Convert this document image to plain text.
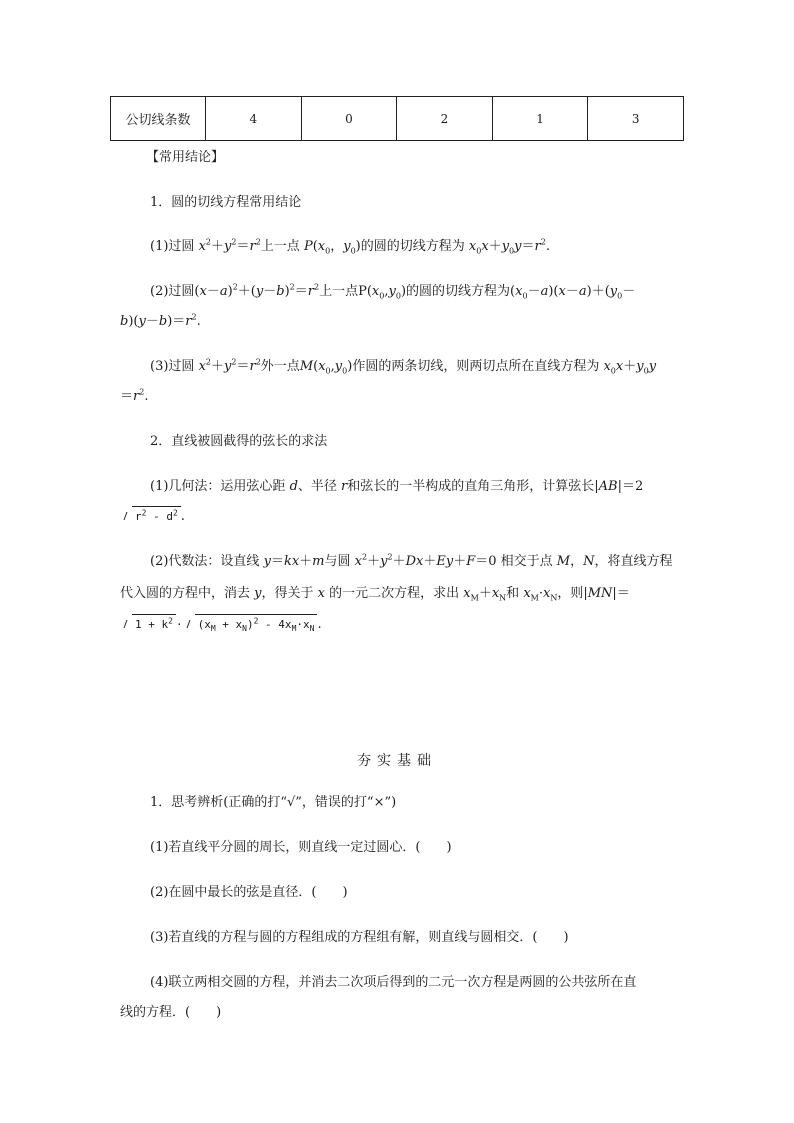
公切线条数	4	0	2	1	3
【常用结论】
1．圆的切线方程常用结论
(1)过圆 $x^2+y^2=r^2$上一点 $P(x_0$，$y_0$)的圆的切线方程为 $x_0x+y_0y=r^2$.
(2)过圆$(x-a)^2+(y-b)^2=r^2$上一点$P(x_0,y_0)$的圆的切线方程为$(x_0-a)(x-a)+(y_0-$
$b)(y-b)=r^2$.
(3)过圆 $x^2+y^2=r^2$外一点$M(x_0,y_0)$作圆的两条切线，则两切点所在直线方程为 $x_0x+y_0y$
$=r^2$.
2．直线被圆截得的弦长的求法
(1)几何法：运用弦心距 d、半径 r和弦长的一半构成的直角三角形，计算弦长|AB|＝2
$r^2 - d^2$ .
(2)代数法：设直线 y＝kx＋m与圆 $x^2+y^2+Dx+Ey+F=0$ 相交于点 M，N，将直线方程
代入圆的方程中，消去 y，得关于 x 的一元二次方程，求出 $x_M+x_N$和 $x_M\cdot x_N$，则|MN|＝
$1 + k^2 \cdot (x_M + x_N)^2 - 4x_M\cdot x_N$ .
夯实基础
1．思考辨析(正确的打“√”，错误的打“×”)
(1)若直线平分圆的周长，则直线一定过圆心．(　　)
(2)在圆中最长的弦是直径．(　　)
(3)若直线的方程与圆的方程组成的方程组有解，则直线与圆相交．(　　)
(4)联立两相交圆的方程，并消去二次项后得到的二元一次方程是两圆的公共弦所在直
线的方程．(　　)
